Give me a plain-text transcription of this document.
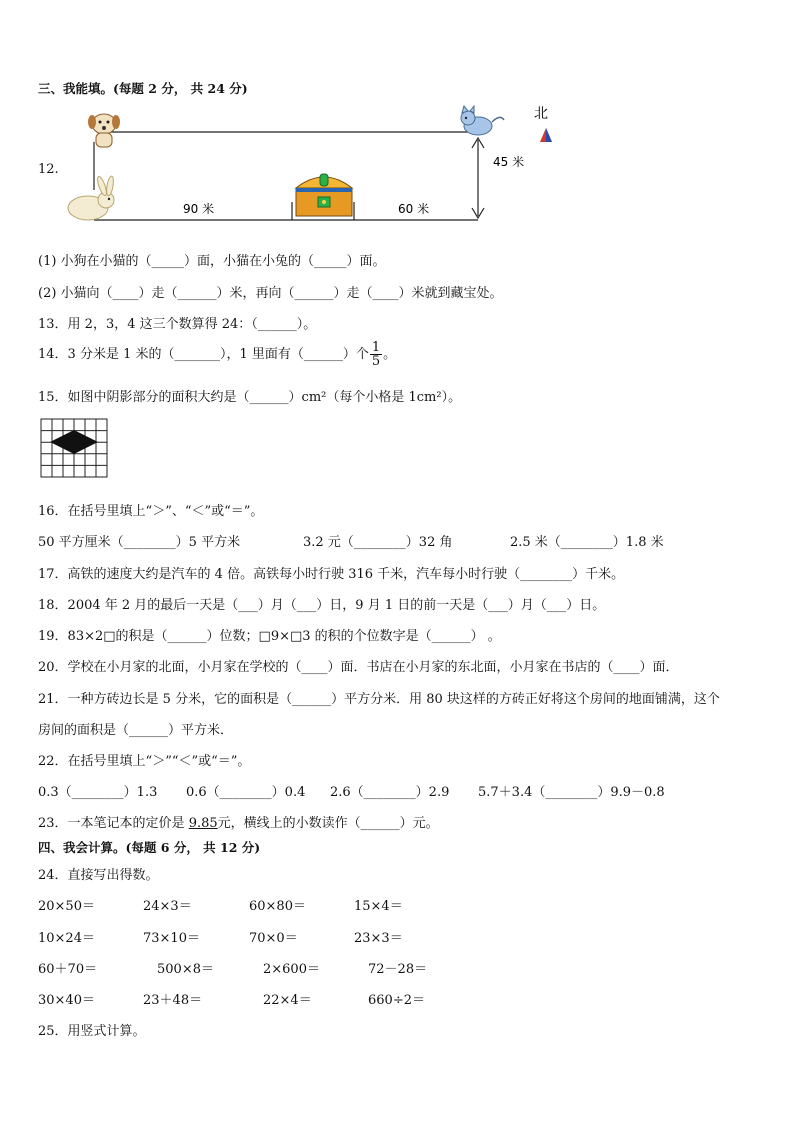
三、我能填。(每题 2 分， 共 24 分)
12.
90 米	60 米
45 米
北
(1) 小狗在小猫的（_____）面，小猫在小兔的（_____）面。
(2) 小猫向（____）走（______）米，再向（______）走（____）米就到藏宝处。
13．用 2，3，4 这三个数算得 24：（______）。
14．3 分米是 1 米的（_______），1 里面有（______）个 $\frac{1}{5}$ 。
15．如图中阴影部分的面积大约是（______）cm²（每个小格是 1cm²）。
16．在括号里填上“＞”、“＜”或“＝”。
50 平方厘米（________）5 平方米	3.2 元（________）32 角	2.5 米（________）1.8 米
17．高铁的速度大约是汽车的 4 倍。高铁每小时行驶 316 千米，汽车每小时行驶（________）千米。
18．2004 年 2 月的最后一天是（___）月（___）日，9 月 1 日的前一天是（___）月（___）日。
19．83×2□的积是（______）位数；□9×□3 的积的个位数字是（______） 。
20．学校在小月家的北面，小月家在学校的（____）面．书店在小月家的东北面，小月家在书店的（____）面．
21．一种方砖边长是 5 分米，它的面积是（______）平方分米．用 80 块这样的方砖正好将这个房间的地面铺满，这个
房间的面积是（______）平方米．
22．在括号里填上“＞”“＜”或“＝”。
0.3（________）1.3 0.6（________）0.4 2.6（________）2.9 5.7＋3.4（________）9.9－0.8
23．一本笔记本的定价是 9.85元，横线上的小数读作（______）元。
四、我会计算。(每题 6 分， 共 12 分)
24．直接写出得数。
20×50＝	24×3＝	60×80＝	15×4＝
10×24＝	73×10＝	70×0＝	23×3＝
60＋70＝	500×8＝	2×600＝	72－28＝
30×40＝	23＋48＝	22×4＝	660÷2＝
25．用竖式计算。
